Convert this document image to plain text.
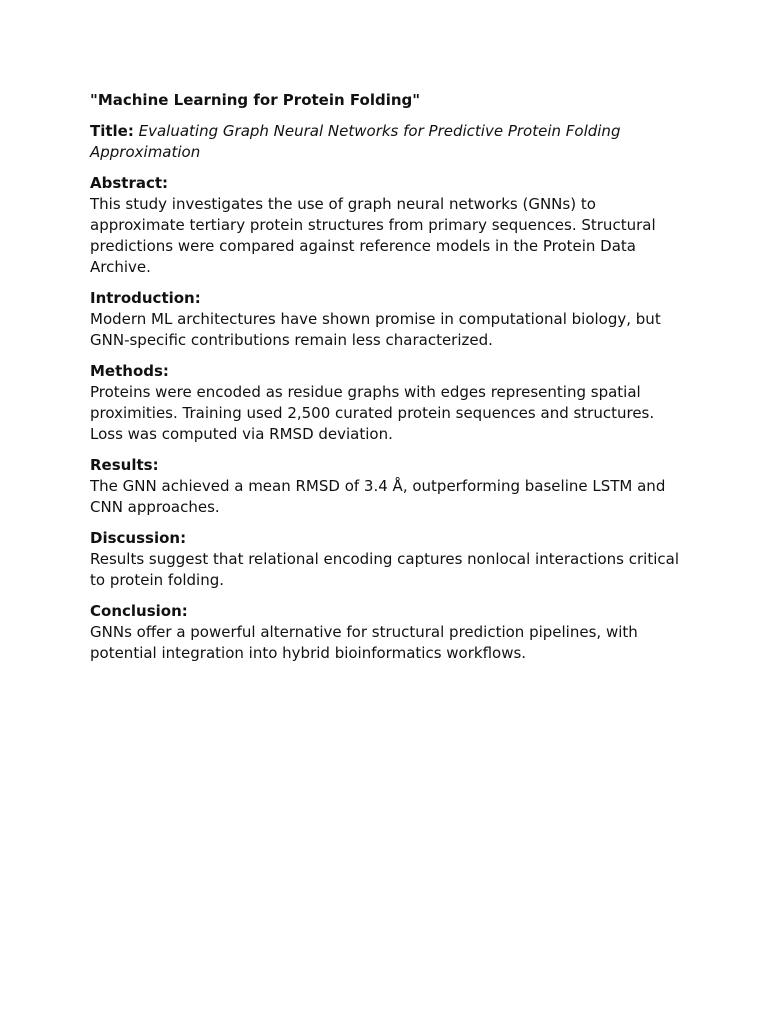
"Machine Learning for Protein Folding"
Title: Evaluating Graph Neural Networks for Predictive Protein Folding Approximation
Abstract:
This study investigates the use of graph neural networks (GNNs) to approximate tertiary protein structures from primary sequences. Structural predictions were compared against reference models in the Protein Data Archive.
Introduction:
Modern ML architectures have shown promise in computational biology, but GNN-specific contributions remain less characterized.
Methods:
Proteins were encoded as residue graphs with edges representing spatial proximities. Training used 2,500 curated protein sequences and structures. Loss was computed via RMSD deviation.
Results:
The GNN achieved a mean RMSD of 3.4 Å, outperforming baseline LSTM and CNN approaches.
Discussion:
Results suggest that relational encoding captures nonlocal interactions critical to protein folding.
Conclusion:
GNNs offer a powerful alternative for structural prediction pipelines, with potential integration into hybrid bioinformatics workflows.
